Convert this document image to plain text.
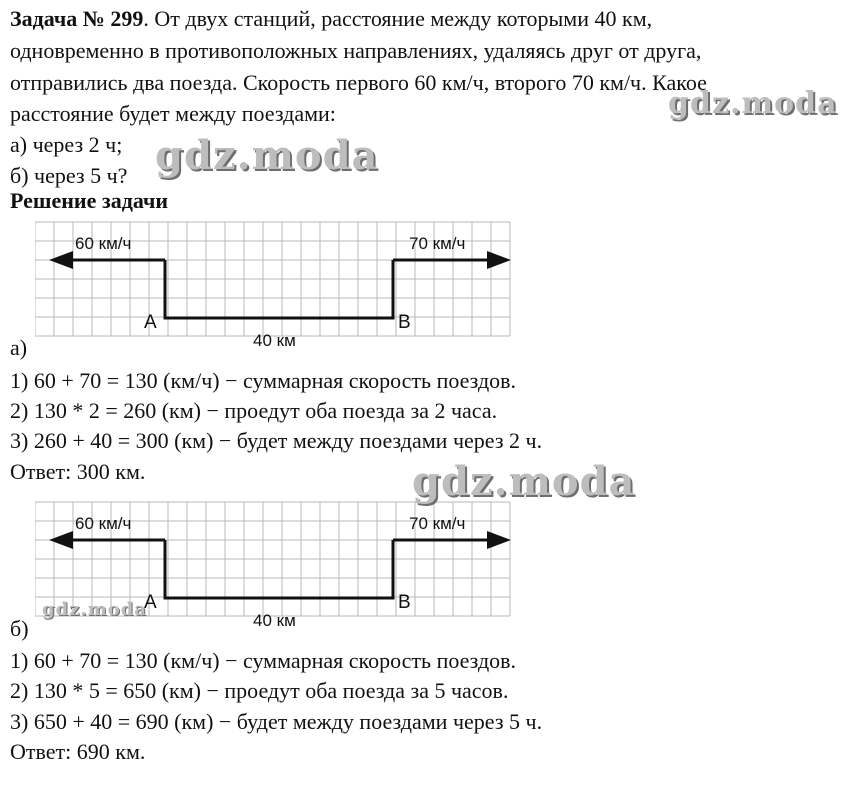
Задача № 299. От двух станций, расстояние между которыми 40 км,
одновременно в противоположных направлениях, удаляясь друг от друга,
отправились два поезда. Скорость первого 60 км/ч, второго 70 км/ч. Какое
расстояние будет между поездами:
а) через 2 ч;
б) через 5 ч?
Решение задачи
60 км/ч	70 км/ч
A	B
40 км
а)
1) 60 + 70 = 130 (км/ч) − суммарная скорость поездов.
2) 130 * 2 = 260 (км) − проедут оба поезда за 2 часа.
3) 260 + 40 = 300 (км) − будет между поездами через 2 ч.
Ответ: 300 км.
60 км/ч	70 км/ч
A	B
40 км
б)
1) 60 + 70 = 130 (км/ч) − суммарная скорость поездов.
2) 130 * 5 = 650 (км) − проедут оба поезда за 5 часов.
3) 650 + 40 = 690 (км) − будет между поездами через 5 ч.
Ответ: 690 км.
gdz.moda
gdz.moda
gdz.moda
gdz.moda
